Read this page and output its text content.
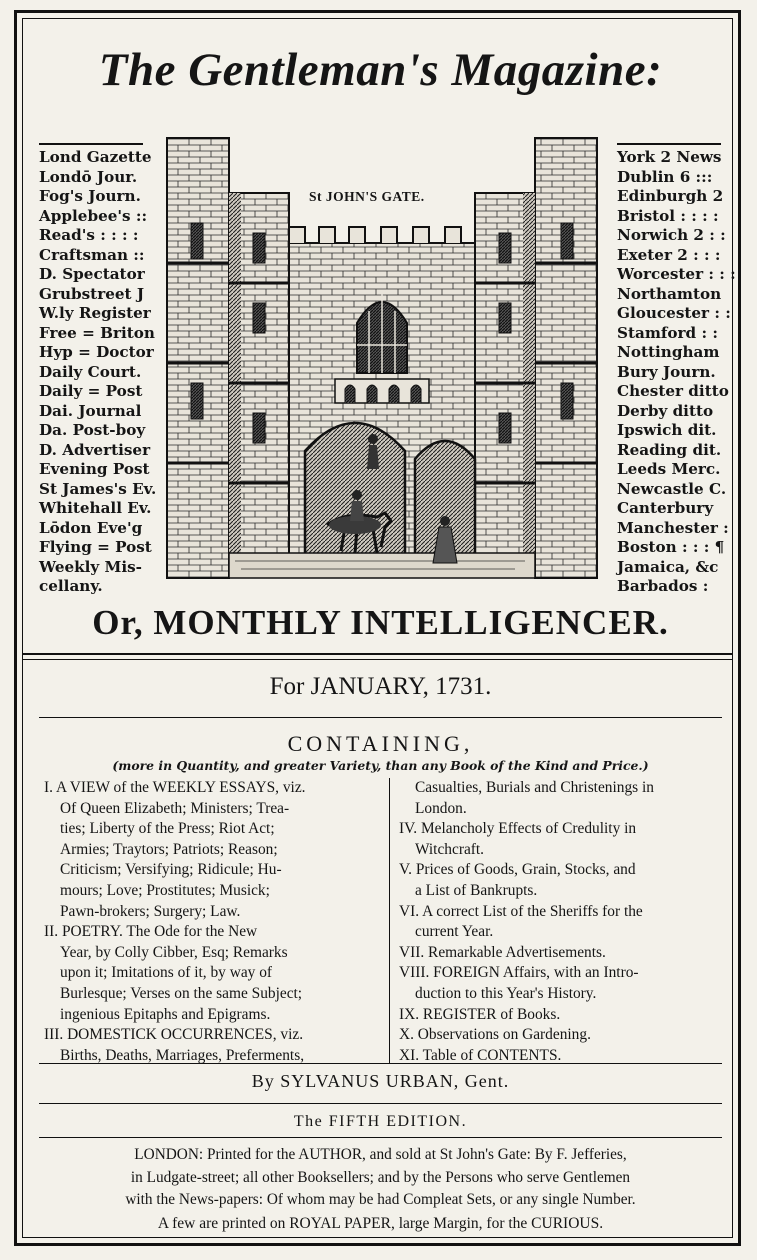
The Gentleman's Magazine:
Lond Gazette
Londō Jour.
Fog's Journ.
Applebee's ::
Read's : : : :
Craftsman ::
D. Spectator
Grubstreet J
W.ly Register
Free = Briton
Hyp = Doctor
Daily Court.
Daily = Post
Dai. Journal
Da. Post-boy
D. Advertiser
Evening Post
St James's Ev.
Whitehall Ev.
Lōdon Eve'g
Flying = Post
Weekly Mis-
cellany.
St JOHN'S GATE.
York 2 News
Dublin 6 :::
Edinburgh 2
Bristol : : : :
Norwich 2 : :
Exeter 2 : : :
Worcester : : :
Northamton
Gloucester : :
Stamford : :
Nottingham
Bury Journ.
Chester ditto
Derby ditto
Ipswich dit.
Reading dit.
Leeds Merc.
Newcastle C.
Canterbury
Manchester :
Boston : : : ¶
Jamaica, &c
Barbados :
Or, MONTHLY INTELLIGENCER.
For JANUARY, 1731.
CONTAINING,
(more in Quantity, and greater Variety, than any Book of the Kind and Price.)
I. A VIEW of the WEEKLY ESSAYS, viz.
Of Queen Elizabeth; Ministers; Trea-
ties; Liberty of the Press; Riot Act;
Armies; Traytors; Patriots; Reason;
Criticism; Versifying; Ridicule; Hu-
mours; Love; Prostitutes; Musick;
Pawn-brokers; Surgery; Law.
II. POETRY. The Ode for the New
Year, by Colly Cibber, Esq; Remarks
upon it; Imitations of it, by way of
Burlesque; Verses on the same Subject;
ingenious Epitaphs and Epigrams.
III. DOMESTICK OCCURRENCES, viz.
Births, Deaths, Marriages, Preferments,
Casualties, Burials and Christenings in
London.
IV. Melancholy Effects of Credulity in
Witchcraft.
V. Prices of Goods, Grain, Stocks, and
a List of Bankrupts.
VI. A correct List of the Sheriffs for the
current Year.
VII. Remarkable Advertisements.
VIII. FOREIGN Affairs, with an Intro-
duction to this Year's History.
IX. REGISTER of Books.
X. Observations on Gardening.
XI. Table of CONTENTS.
By SYLVANUS URBAN, Gent.
The FIFTH EDITION.
LONDON: Printed for the AUTHOR, and sold at St John's Gate: By F. Jefferies,
in Ludgate-street; all other Booksellers; and by the Persons who serve Gentlemen
with the News-papers: Of whom may be had Compleat Sets, or any single Number.
A few are printed on ROYAL PAPER, large Margin, for the CURIOUS.
